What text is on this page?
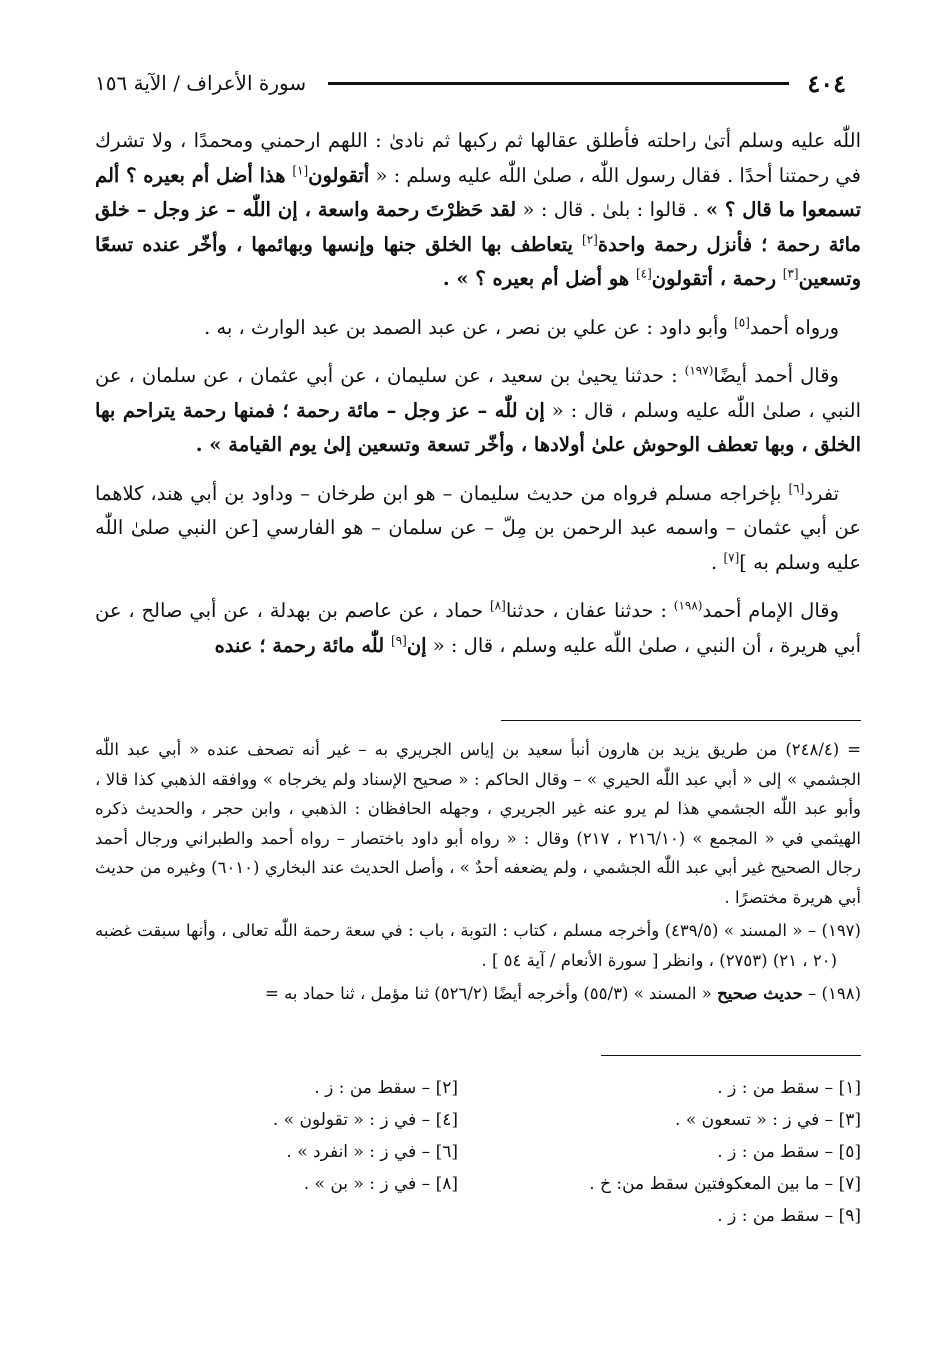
سورة الأعراف / الآية ١٥٦	٤٠٤

اللّٰه عليه وسلم أتىٰ راحلته فأطلق عقالها ثم ركبها ثم نادىٰ : اللهم ارحمني ومحمدًا ، ولا تشرك في رحمتنا أحدًا . فقال رسول اللّٰه ، صلىٰ اللّٰه عليه وسلم : « أتقولون[١] هذا أضل أم بعيره ؟ ألم تسمعوا ما قال ؟ » . قالوا : بلىٰ . قال : « لقد حَظرْتَ رحمة واسعة ، إن اللّٰه – عز وجل – خلق مائة رحمة ؛ فأنزل رحمة واحدة[٢] يتعاطف بها الخلق جنها وإنسها وبهائمها ، وأخّر عنده تسعًا وتسعين[٣] رحمة ، أتقولون[٤] هو أضل أم بعيره ؟ » .

ورواه أحمد[٥] وأبو داود : عن علي بن نصر ، عن عبد الصمد بن عبد الوارث ، به .

وقال أحمد أيضًا$^{(١٩٧)}$ : حدثنا يحيىٰ بن سعيد ، عن سليمان ، عن أبي عثمان ، عن سلمان ، عن النبي ، صلىٰ اللّٰه عليه وسلم ، قال : « إن للّٰه – عز وجل – مائة رحمة ؛ فمنها رحمة يتراحم بها الخلق ، وبها تعطف الوحوش علىٰ أولادها ، وأخّر تسعة وتسعين إلىٰ يوم القيامة » .

تفرد[٦] بإخراجه مسلم فرواه من حديث سليمان – هو ابن طرخان – وداود بن أبي هند، كلاهما عن أبي عثمان – واسمه عبد الرحمن بن مِلّ – عن سلمان – هو الفارسي [عن النبي صلىٰ اللّٰه عليه وسلم به ][٧] .

وقال الإمام أحمد$^{(١٩٨)}$ : حدثنا عفان ، حدثنا[٨] حماد ، عن عاصم بن بهدلة ، عن أبي صالح ، عن أبي هريرة ، أن النبي ، صلىٰ اللّٰه عليه وسلم ، قال : « إن[٩] للّٰه مائة رحمة ؛ عنده

= (٢٤٨/٤) من طريق يزيد بن هارون أنبأ سعيد بن إياس الجريري به – غير أنه تصحف عنده « أبي عبد اللّٰه الجشمي » إلى « أبي عبد اللّٰه الحيري » – وقال الحاكم : « صحيح الإسناد ولم يخرجاه » ووافقه الذهبي كذا قالا ، وأبو عبد اللّٰه الجشمي هذا لم يرو عنه غير الجريري ، وجهله الحافظان : الذهبي ، وابن حجر ، والحديث ذكره الهيثمي في « المجمع » (٢١٦/١٠ ، ٢١٧) وقال : « رواه أبو داود باختصار – رواه أحمد والطبراني ورجال أحمد رجال الصحيح غير أبي عبد اللّٰه الجشمي ، ولم يضعفه أحدٌ » ، وأصل الحديث عند البخاري (٦٠١٠) وغيره من حديث أبي هريرة مختصرًا .

(١٩٧) – « المسند » (٤٣٩/٥) وأخرجه مسلم ، كتاب : التوبة ، باب : في سعة رحمة اللّٰه تعالى ، وأنها سبقت غضبه (٢٠ ، ٢١) (٢٧٥٣) ، وانظر [ سورة الأنعام / آية ٥٤ ] .

(١٩٨) – حديث صحيح « المسند » (٥٥/٣) وأخرجه أيضًا (٥٢٦/٢) ثنا مؤمل ، ثنا حماد به =

[١] – سقط من : ز .
[٢] – سقط من : ز .
[٣] – في ز : « تسعون » .
[٤] – في ز : « تقولون » .
[٥] – سقط من : ز .
[٦] – في ز : « انفرد » .
[٧] – ما بين المعكوفتين سقط من: خ .
[٨] – في ز : « بن » .
[٩] – سقط من : ز .
